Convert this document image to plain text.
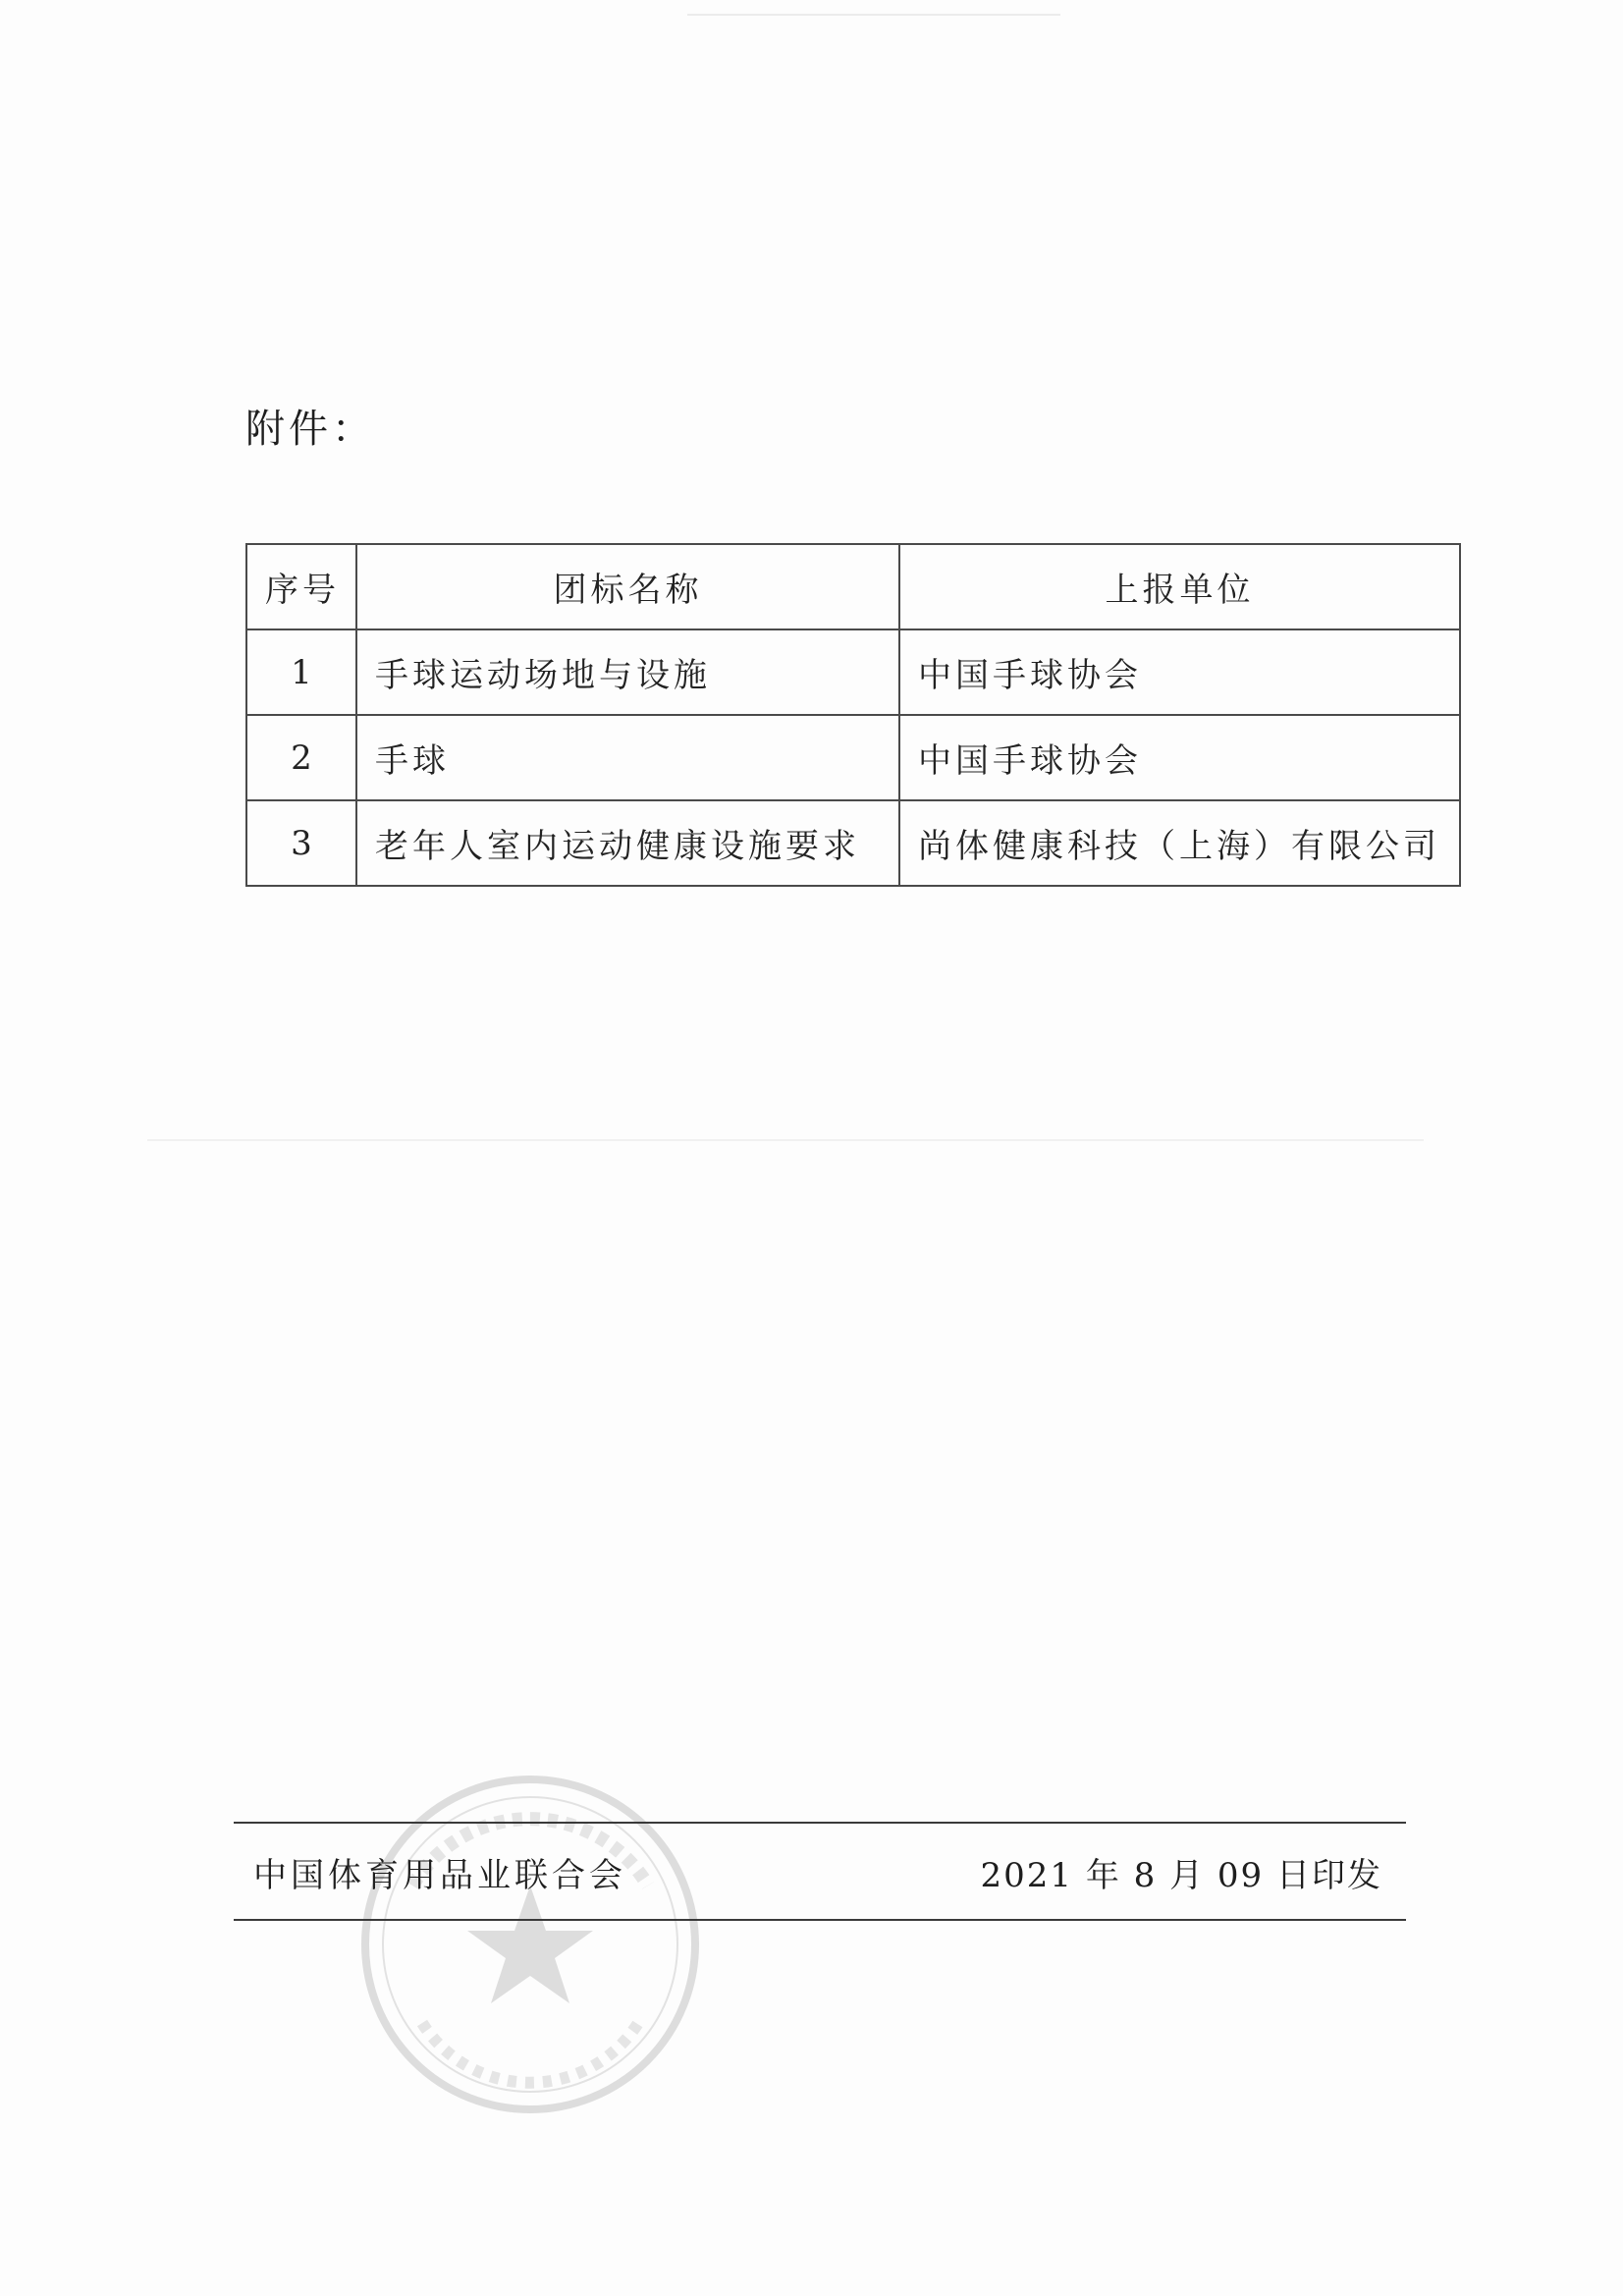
附件：
序号	团标名称	上报单位
1	手球运动场地与设施	中国手球协会
2	手球	中国手球协会
3	老年人室内运动健康设施要求	尚体健康科技（上海）有限公司
中国体育用品业联合会	2021 年 8 月 09 日印发
